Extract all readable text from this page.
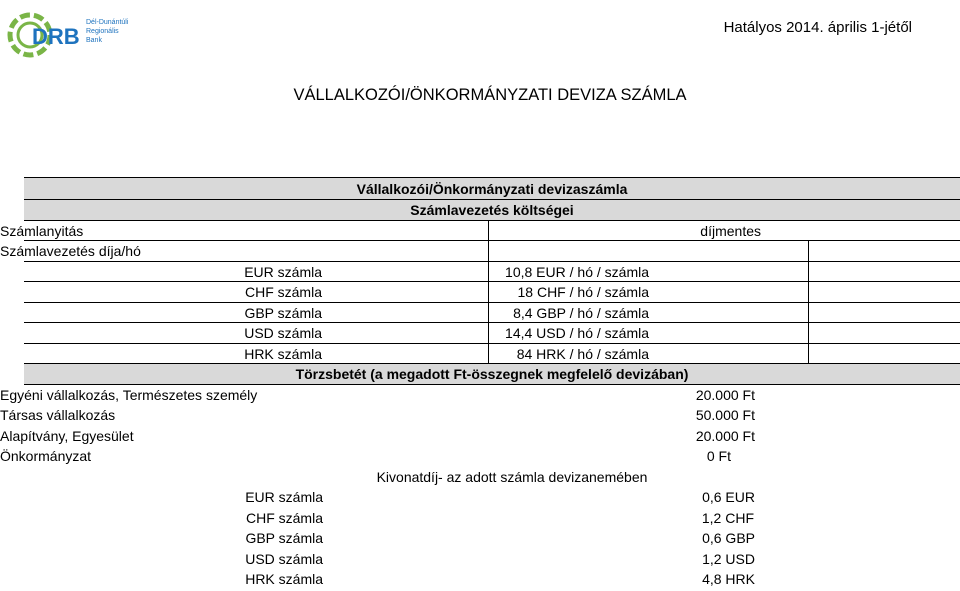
DRB
Dél-Dunántúli
Regionális
Bank
Hatályos 2014. április 1-jétől
VÁLLALKOZÓI/ÖNKORMÁNYZATI DEVIZA SZÁMLA
Vállalkozói/Önkormányzati devizaszámla
Számlavezetés költségei
Számlanyitás	díjmentes
Számlavezetés díja/hó
EUR számla	10,8 EUR / hó / számla
CHF számla	18 CHF / hó / számla
GBP számla	8,4 GBP / hó / számla
USD számla	14,4 USD / hó / számla
HRK számla	84 HRK / hó / számla
Törzsbetét (a megadott Ft-összegnek megfelelő devizában)
Egyéni vállalkozás, Természetes személy	20.000 Ft
Társas vállalkozás	50.000 Ft
Alapítvány, Egyesület	20.000 Ft
Önkormányzat	0 Ft
Kivonatdíj- az adott számla devizanemében
EUR számla	0,6 EUR
CHF számla	1,2 CHF
GBP számla	0,6 GBP
USD számla	1,2 USD
HRK számla	4,8 HRK
